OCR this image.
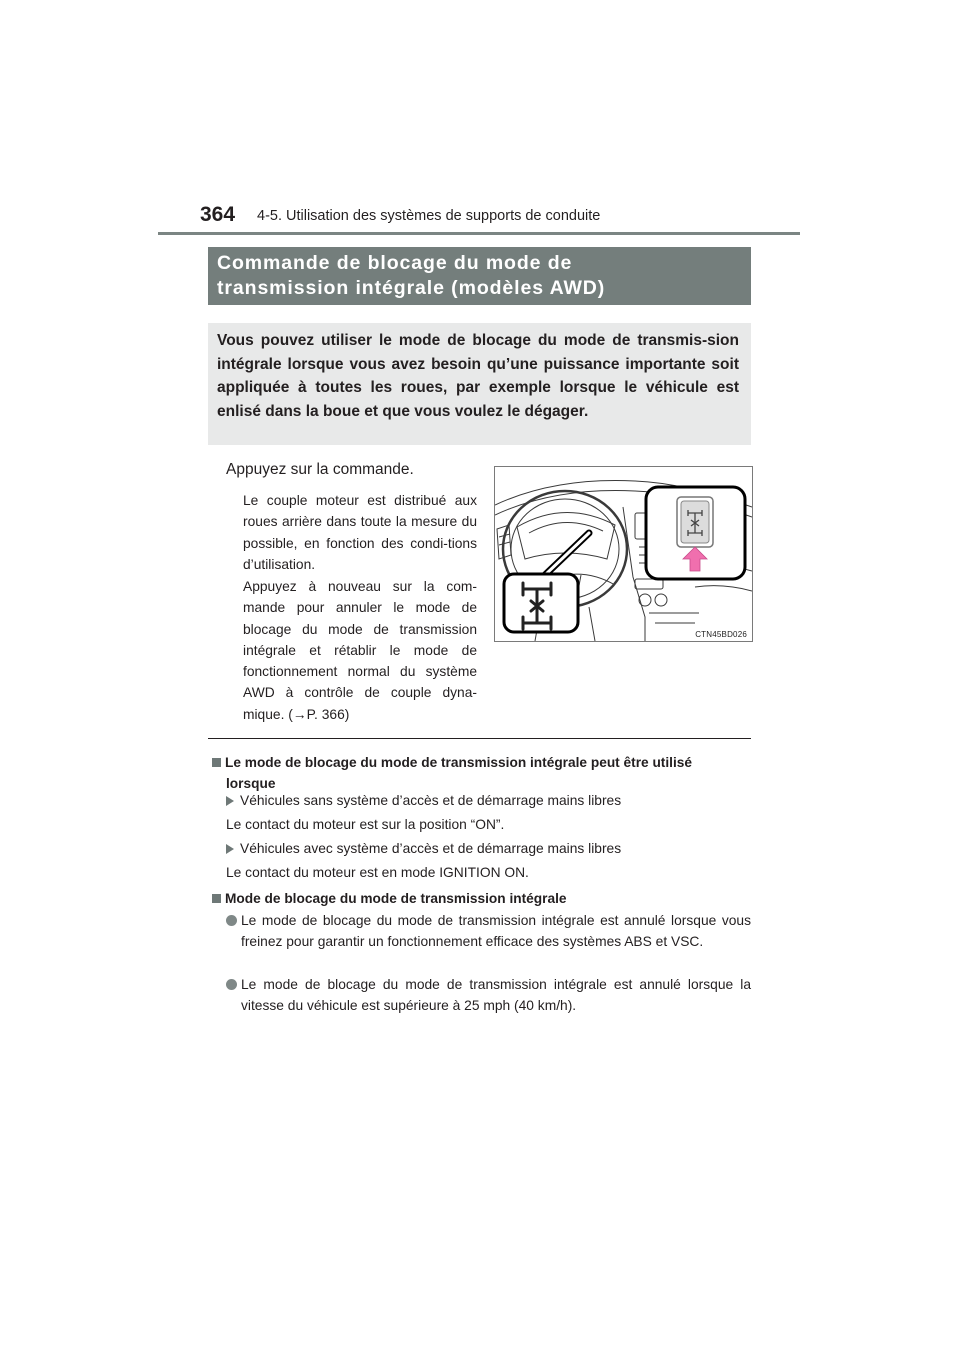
364 4-5. Utilisation des systèmes de supports de conduite
Commande de blocage du mode de
transmission intégrale (modèles AWD)
Vous pouvez utiliser le mode de blocage du mode de transmis-sion intégrale lorsque vous avez besoin qu’une puissance importante soit appliquée à toutes les roues, par exemple lorsque le véhicule est enlisé dans la boue et que vous voulez le dégager.
Appuyez sur la commande.
Le couple moteur est distribué aux roues arrière dans toute la mesure du possible, en fonction des condi-tions d’utilisation.
Appuyez à nouveau sur la com-mande pour annuler le mode de blocage du mode de transmission intégrale et rétablir le mode de fonctionnement normal du système AWD à contrôle de couple dyna-mique. (→P. 366)
CTN45BD026
Le mode de blocage du mode de transmission intégrale peut être utilisé
lorsque
Véhicules sans système d’accès et de démarrage mains libres
Le contact du moteur est sur la position “ON”.
Véhicules avec système d’accès et de démarrage mains libres
Le contact du moteur est en mode IGNITION ON.
Mode de blocage du mode de transmission intégrale
Le mode de blocage du mode de transmission intégrale est annulé lorsque vous freinez pour garantir un fonctionnement efficace des systèmes ABS et VSC.
Le mode de blocage du mode de transmission intégrale est annulé lorsque la vitesse du véhicule est supérieure à 25 mph (40 km/h).
